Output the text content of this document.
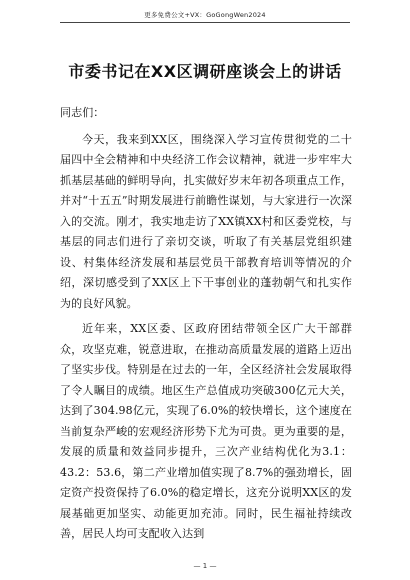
更多免费公文+VX：GoGongWen2024
市委书记在XX区调研座谈会上的讲话

同志们：

今天，我来到XX区，围绕深入学习宣传贯彻党的二十届四中全会精神和中央经济工作会议精神，就进一步牢牢大抓基层基础的鲜明导向，扎实做好岁末年初各项重点工作，并对“十五五”时期发展进行前瞻性谋划，与大家进行一次深入的交流。刚才，我实地走访了XX镇XX村和区委党校，与基层的同志们进行了亲切交谈，听取了有关基层党组织建设、村集体经济发展和基层党员干部教育培训等情况的介绍，深切感受到了XX区上下干事创业的蓬勃朝气和扎实作为的良好风貌。

近年来，XX区委、区政府团结带领全区广大干部群众，攻坚克难，锐意进取，在推动高质量发展的道路上迈出了坚实步伐。特别是在过去的一年，全区经济社会发展取得了令人瞩目的成绩。地区生产总值成功突破300亿元大关，达到了304.98亿元，实现了6.0%的较快增长，这个速度在当前复杂严峻的宏观经济形势下尤为可贵。更为重要的是，发展的质量和效益同步提升，三次产业结构优化为3.1：43.2：53.6，第二产业增加值实现了8.7%的强劲增长，固定资产投资保持了6.0%的稳定增长，这充分说明XX区的发展基础更加坚实、动能更加充沛。同时，民生福祉持续改善，居民人均可支配收入达到

— 1 —
